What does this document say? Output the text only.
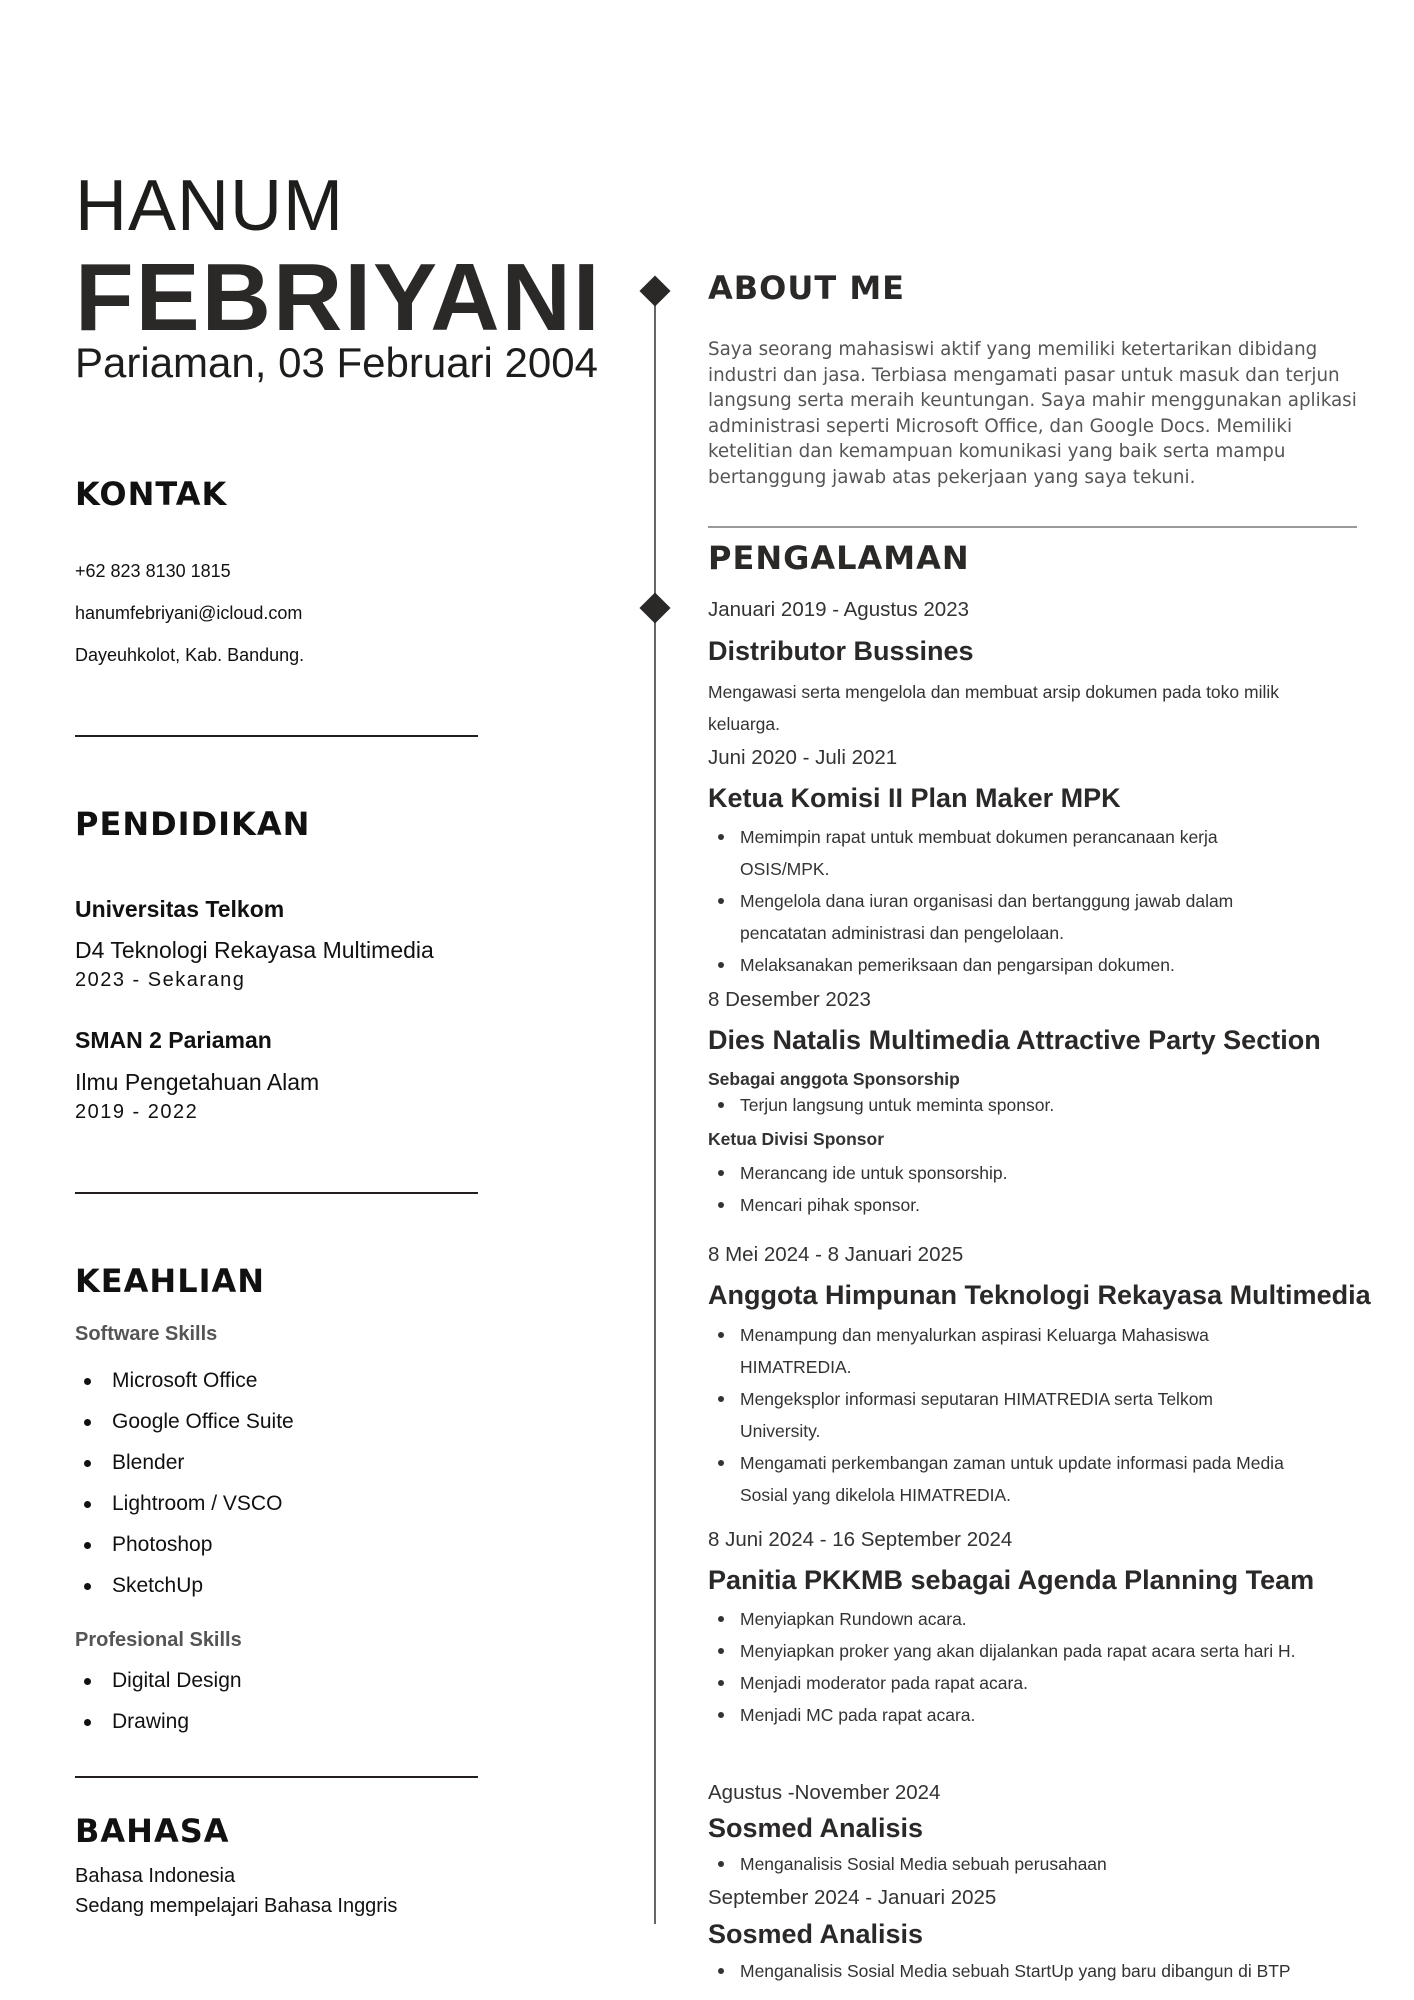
HANUM
FEBRIYANI
Pariaman, 03 Februari 2004
KONTAK
+62 823 8130 1815
hanumfebriyani@icloud.com
Dayeuhkolot, Kab. Bandung.
PENDIDIKAN
Universitas Telkom
D4 Teknologi Rekayasa Multimedia
2023 - Sekarang
SMAN 2 Pariaman
Ilmu Pengetahuan Alam
2019 - 2022
KEAHLIAN
Software Skills
Microsoft Office
Google Office Suite
Blender
Lightroom / VSCO
Photoshop
SketchUp
Profesional Skills
Digital Design
Drawing
BAHASA
Bahasa Indonesia
Sedang mempelajari Bahasa Inggris
ABOUT ME
Saya seorang mahasiswi aktif yang memiliki ketertarikan dibidang industri dan jasa. Terbiasa mengamati pasar untuk masuk dan terjun langsung serta meraih keuntungan. Saya mahir menggunakan aplikasi administrasi seperti Microsoft Office, dan Google Docs. Memiliki ketelitian dan kemampuan komunikasi yang baik serta mampu bertanggung jawab atas pekerjaan yang saya tekuni.
PENGALAMAN
Januari 2019 - Agustus 2023
Distributor Bussines
Mengawasi serta mengelola dan membuat arsip dokumen pada toko milik keluarga.
Juni 2020 - Juli 2021
Ketua Komisi II Plan Maker MPK
Memimpin rapat untuk membuat dokumen perancanaan kerja OSIS/MPK.
Mengelola dana iuran organisasi dan bertanggung jawab dalam pencatatan administrasi dan pengelolaan.
Melaksanakan pemeriksaan dan pengarsipan dokumen.
8 Desember 2023
Dies Natalis Multimedia Attractive Party Section
Sebagai anggota Sponsorship
Terjun langsung untuk meminta sponsor.
Ketua Divisi Sponsor
Merancang ide untuk sponsorship.
Mencari pihak sponsor.
8 Mei 2024 - 8 Januari 2025
Anggota Himpunan Teknologi Rekayasa Multimedia
Menampung dan menyalurkan aspirasi Keluarga Mahasiswa HIMATREDIA.
Mengeksplor informasi seputaran HIMATREDIA serta Telkom University.
Mengamati perkembangan zaman untuk update informasi pada Media Sosial yang dikelola HIMATREDIA.
8 Juni 2024 - 16 September 2024
Panitia PKKMB sebagai Agenda Planning Team
Menyiapkan Rundown acara.
Menyiapkan proker yang akan dijalankan pada rapat acara serta hari H.
Menjadi moderator pada rapat acara.
Menjadi MC pada rapat acara.
Agustus -November 2024
Sosmed Analisis
Menganalisis Sosial Media sebuah perusahaan
September 2024 - Januari 2025
Sosmed Analisis
Menganalisis Sosial Media sebuah StartUp yang baru dibangun di BTP
